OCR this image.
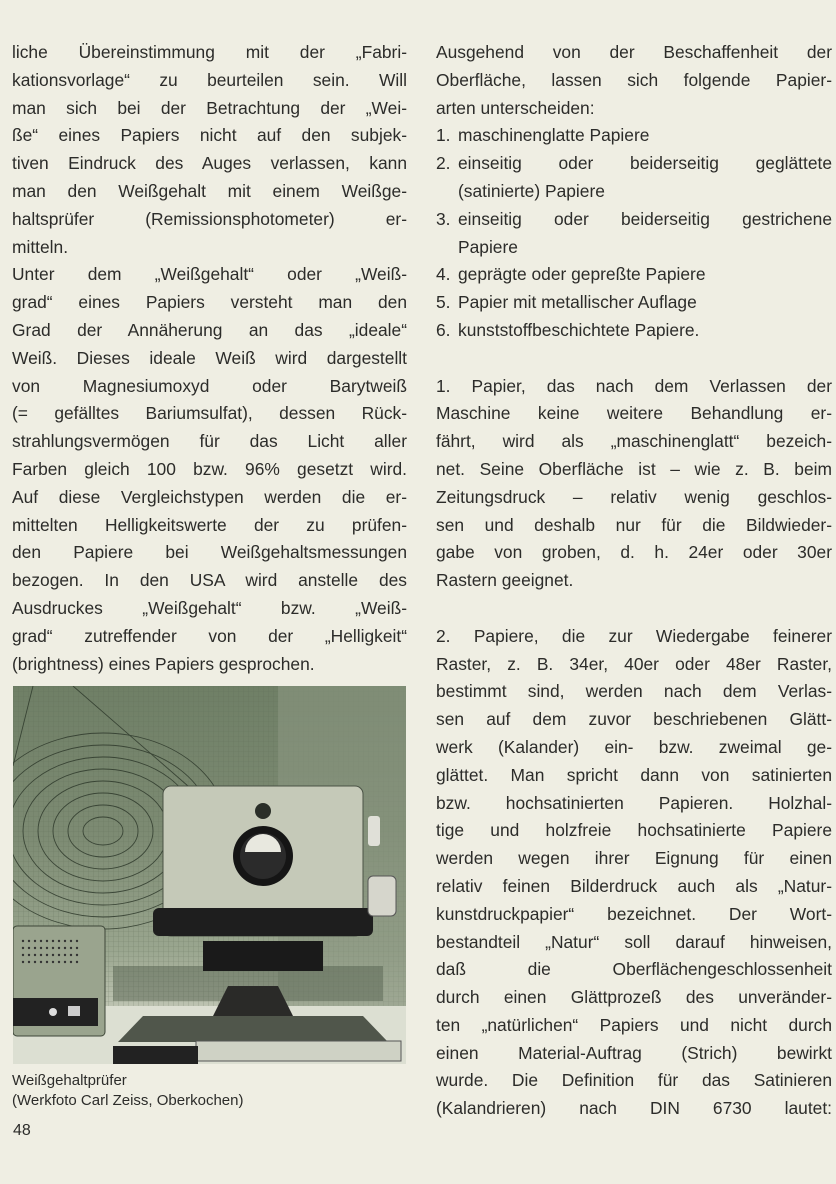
liche Übereinstimmung mit der „Fabri-
kationsvorlage“ zu beurteilen sein. Will
man sich bei der Betrachtung der „Wei-
ße“ eines Papiers nicht auf den subjek-
tiven Eindruck des Auges verlassen, kann
man den Weißgehalt mit einem Weißge-
haltsprüfer (Remissionsphotometer) er-
mitteln.
Unter dem „Weißgehalt“ oder „Weiß-
grad“ eines Papiers versteht man den
Grad der Annäherung an das „ideale“
Weiß. Dieses ideale Weiß wird dargestellt
von Magnesiumoxyd oder Barytweiß
(= gefälltes Bariumsulfat), dessen Rück-
strahlungsvermögen für das Licht aller
Farben gleich 100 bzw. 96% gesetzt wird.
Auf diese Vergleichstypen werden die er-
mittelten Helligkeitswerte der zu prüfen-
den Papiere bei Weißgehaltsmessungen
bezogen. In den USA wird anstelle des
Ausdruckes „Weißgehalt“ bzw. „Weiß-
grad“ zutreffender von der „Helligkeit“
(brightness) eines Papiers gesprochen.
Weißgehaltprüfer
(Werkfoto Carl Zeiss, Oberkochen)
48
Ausgehend von der Beschaffenheit der
Oberfläche, lassen sich folgende Papier-
arten unterscheiden:
1. maschinenglatte Papiere
2. einseitig oder beiderseitig geglättete
(satinierte) Papiere
3. einseitig oder beiderseitig gestrichene
Papiere
4. geprägte oder gepreßte Papiere
5. Papier mit metallischer Auflage
6. kunststoffbeschichtete Papiere.
1. Papier, das nach dem Verlassen der
Maschine keine weitere Behandlung er-
fährt, wird als „maschinenglatt“ bezeich-
net. Seine Oberfläche ist – wie z. B. beim
Zeitungsdruck – relativ wenig geschlos-
sen und deshalb nur für die Bildwieder-
gabe von groben, d. h. 24er oder 30er
Rastern geeignet.
2. Papiere, die zur Wiedergabe feinerer
Raster, z. B. 34er, 40er oder 48er Raster,
bestimmt sind, werden nach dem Verlas-
sen auf dem zuvor beschriebenen Glätt-
werk (Kalander) ein- bzw. zweimal ge-
glättet. Man spricht dann von satinierten
bzw. hochsatinierten Papieren. Holzhal-
tige und holzfreie hochsatinierte Papiere
werden wegen ihrer Eignung für einen
relativ feinen Bilderdruck auch als „Natur-
kunstdruckpapier“ bezeichnet. Der Wort-
bestandteil „Natur“ soll darauf hinweisen,
daß die Oberflächengeschlossenheit
durch einen Glättprozeß des unveränder-
ten „natürlichen“ Papiers und nicht durch
einen Material-Auftrag (Strich) bewirkt
wurde. Die Definition für das Satinieren
(Kalandrieren) nach DIN 6730 lautet:
